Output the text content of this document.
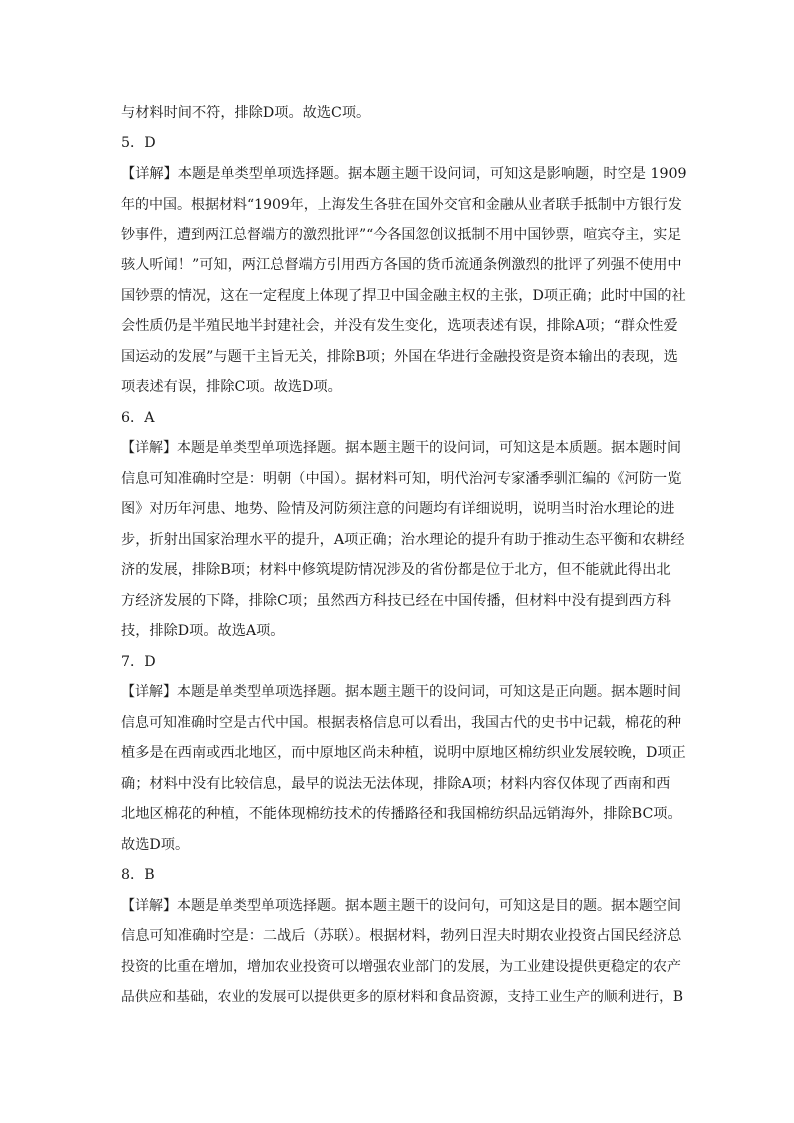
与材料时间不符，排除D项。故选C项。
5．D
【详解】本题是单类型单项选择题。据本题主题干设问词，可知这是影响题，时空是 1909
年的中国。根据材料“1909年，上海发生各驻在国外交官和金融从业者联手抵制中方银行发
钞事件，遭到两江总督端方的激烈批评”“今各国忽创议抵制不用中国钞票，喧宾夺主，实足
骇人听闻！”可知，两江总督端方引用西方各国的货币流通条例激烈的批评了列强不使用中
国钞票的情况，这在一定程度上体现了捍卫中国金融主权的主张，D项正确；此时中国的社
会性质仍是半殖民地半封建社会，并没有发生变化，选项表述有误，排除A项；“群众性爱
国运动的发展”与题干主旨无关，排除B项；外国在华进行金融投资是资本输出的表现，选
项表述有误，排除C项。故选D项。
6．A
【详解】本题是单类型单项选择题。据本题主题干的设问词，可知这是本质题。据本题时间
信息可知准确时空是：明朝（中国）。据材料可知，明代治河专家潘季驯汇编的《河防一览
图》对历年河患、地势、险情及河防须注意的问题均有详细说明，说明当时治水理论的进
步，折射出国家治理水平的提升，A项正确；治水理论的提升有助于推动生态平衡和农耕经
济的发展，排除B项；材料中修筑堤防情况涉及的省份都是位于北方，但不能就此得出北
方经济发展的下降，排除C项；虽然西方科技已经在中国传播，但材料中没有提到西方科
技，排除D项。故选A项。
7．D
【详解】本题是单类型单项选择题。据本题主题干的设问词，可知这是正向题。据本题时间
信息可知准确时空是古代中国。根据表格信息可以看出，我国古代的史书中记载，棉花的种
植多是在西南或西北地区，而中原地区尚未种植，说明中原地区棉纺织业发展较晚，D项正
确；材料中没有比较信息，最早的说法无法体现，排除A项；材料内容仅体现了西南和西
北地区棉花的种植，不能体现棉纺技术的传播路径和我国棉纺织品远销海外，排除BC项。
故选D项。
8．B
【详解】本题是单类型单项选择题。据本题主题干的设问句，可知这是目的题。据本题空间
信息可知准确时空是：二战后（苏联）。根据材料，勃列日涅夫时期农业投资占国民经济总
投资的比重在增加，增加农业投资可以增强农业部门的发展，为工业建设提供更稳定的农产
品供应和基础，农业的发展可以提供更多的原材料和食品资源，支持工业生产的顺利进行，B
